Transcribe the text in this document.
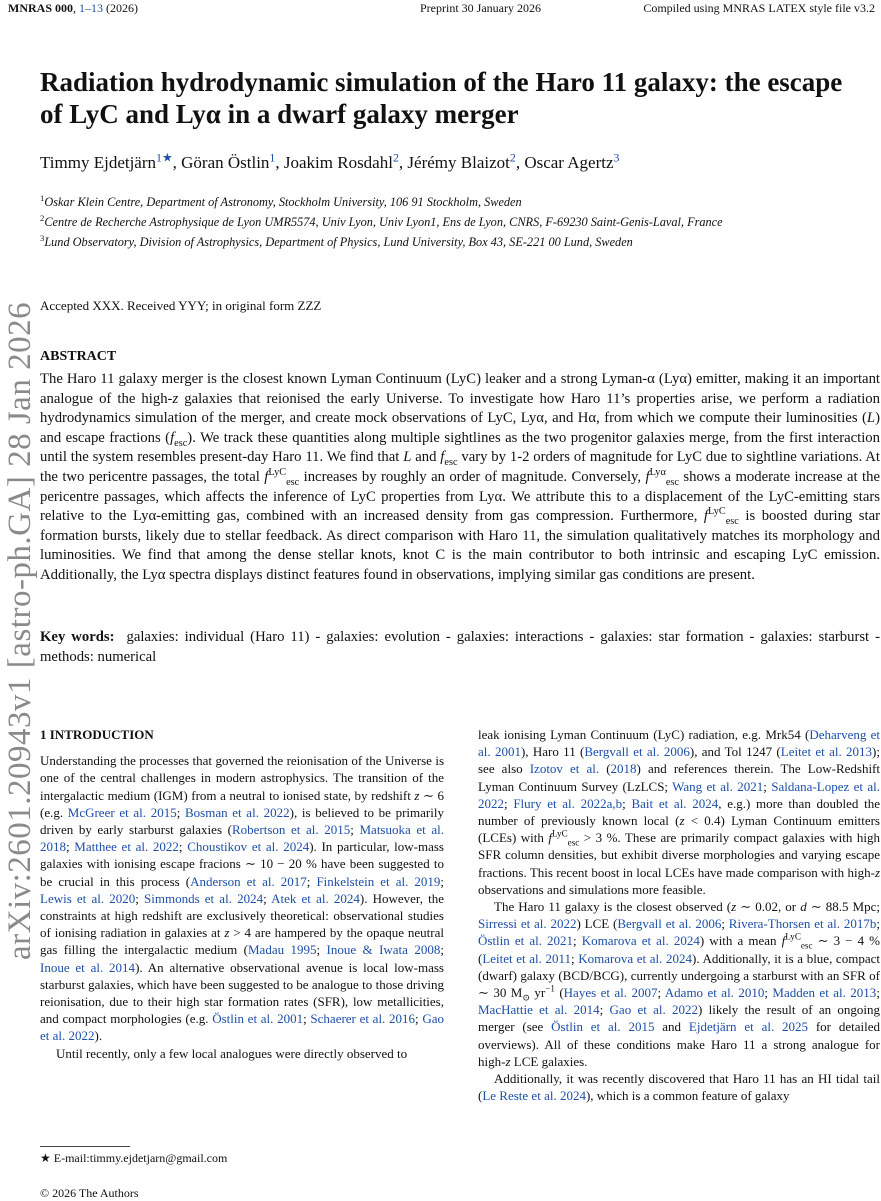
MNRAS 000, 1–13 (2026)	Preprint 30 January 2026	Compiled using MNRAS LATEX style file v3.2
arXiv:2601.20943v1 [astro-ph.GA] 28 Jan 2026
Radiation hydrodynamic simulation of the Haro 11 galaxy: the escape of LyC and Lyα in a dwarf galaxy merger
Timmy Ejdetjärn$^{1★}$, Göran Östlin$^1$, Joakim Rosdahl$^2$, Jérémy Blaizot$^2$, Oscar Agertz$^3$
$^1$Oskar Klein Centre, Department of Astronomy, Stockholm University, 106 91 Stockholm, Sweden
$^2$Centre de Recherche Astrophysique de Lyon UMR5574, Univ Lyon, Univ Lyon1, Ens de Lyon, CNRS, F-69230 Saint-Genis-Laval, France
$^3$Lund Observatory, Division of Astrophysics, Department of Physics, Lund University, Box 43, SE-221 00 Lund, Sweden
Accepted XXX. Received YYY; in original form ZZZ
ABSTRACT

The Haro 11 galaxy merger is the closest known Lyman Continuum (LyC) leaker and a strong Lyman-α (Lyα) emitter, making it an important analogue of the high-z galaxies that reionised the early Universe. To investigate how Haro 11’s properties arise, we perform a radiation hydrodynamics simulation of the merger, and create mock observations of LyC, Lyα, and Hα, from which we compute their luminosities (L) and escape fractions $(f_{esc})$. We track these quantities along multiple sightlines as the two progenitor galaxies merge, from the first interaction until the system resembles present-day Haro 11. We find that L and $f_{esc}$ vary by 1-2 orders of magnitude for LyC due to sightline variations. At the two pericentre passages, the total $f^{LyC}_{esc}$ increases by roughly an order of magnitude. Conversely, $f^{Ly\alpha}_{esc}$ shows a moderate increase at the pericentre passages, which affects the inference of LyC properties from Lyα. We attribute this to a displacement of the LyC-emitting stars relative to the Lyα-emitting gas, combined with an increased density from gas compression. Furthermore, $f^{LyC}_{esc}$ is boosted during star formation bursts, likely due to stellar feedback. As direct comparison with Haro 11, the simulation qualitatively matches its morphology and luminosities. We find that among the dense stellar knots, knot C is the main contributor to both intrinsic and escaping LyC emission. Additionally, the Lyα spectra displays distinct features found in observations, implying similar gas conditions are present.

Key words: galaxies: individual (Haro 11) - galaxies: evolution - galaxies: interactions - galaxies: star formation - galaxies: starburst - methods: numerical
1 INTRODUCTION

Understanding the processes that governed the reionisation of the Universe is one of the central challenges in modern astrophysics. The transition of the intergalactic medium (IGM) from a neutral to ionised state, by redshift z ∼ 6 (e.g. McGreer et al. 2015; Bosman et al. 2022), is believed to be primarily driven by early starburst galaxies (Robertson et al. 2015; Matsuoka et al. 2018; Matthee et al. 2022; Choustikov et al. 2024). In particular, low-mass galaxies with ionising escape fracions ∼ 10 − 20 % have been suggested to be crucial in this process (Anderson et al. 2017; Finkelstein et al. 2019; Lewis et al. 2020; Simmonds et al. 2024; Atek et al. 2024). However, the constraints at high redshift are exclusively theoretical: observational studies of ionising radiation in galaxies at z > 4 are hampered by the opaque neutral gas filling the intergalactic medium (Madau 1995; Inoue & Iwata 2008; Inoue et al. 2014). An alternative observational avenue is local low-mass starburst galaxies, which have been suggested to be analogue to those driving reionisation, due to their high star formation rates (SFR), low metallicities, and compact morphologies (e.g. Östlin et al. 2001; Schaerer et al. 2016; Gao et al. 2022).

Until recently, only a few local analogues were directly observed to

leak ionising Lyman Continuum (LyC) radiation, e.g. Mrk54 (Deharveng et al. 2001), Haro 11 (Bergvall et al. 2006), and Tol 1247 (Leitet et al. 2013); see also Izotov et al. (2018) and references therein. The Low-Redshift Lyman Continuum Survey (LzLCS; Wang et al. 2021; Saldana-Lopez et al. 2022; Flury et al. 2022a,b; Bait et al. 2024, e.g.) more than doubled the number of previously known local (z < 0.4) Lyman Continuum emitters (LCEs) with $f^{LyC}_{esc} > 3$ %. These are primarily compact galaxies with high SFR column densities, but exhibit diverse morphologies and varying escape fractions. This recent boost in local LCEs have made comparison with high-z observations and simulations more feasible.

The Haro 11 galaxy is the closest observed (z ∼ 0.02, or d ∼ 88.5 Mpc; Sirressi et al. 2022) LCE (Bergvall et al. 2006; Rivera-Thorsen et al. 2017b; Östlin et al. 2021; Komarova et al. 2024) with a mean $f^{LyC}_{esc}$ ∼ 3 − 4 % (Leitet et al. 2011; Komarova et al. 2024). Additionally, it is a blue, compact (dwarf) galaxy (BCD/BCG), currently undergoing a starburst with an SFR of ∼ 30 $M_⊙$ $yr^{-1}$ (Hayes et al. 2007; Adamo et al. 2010; Madden et al. 2013; MacHattie et al. 2014; Gao et al. 2022) likely the result of an ongoing merger (see Östlin et al. 2015 and Ejdetjärn et al. 2025 for detailed overviews). All of these conditions make Haro 11 a strong analogue for high-z LCE galaxies.

Additionally, it was recently discovered that Haro 11 has an HI tidal tail (Le Reste et al. 2024), which is a common feature of galaxy

★ E-mail:timmy.ejdetjarn@gmail.com
© 2026 The Authors
